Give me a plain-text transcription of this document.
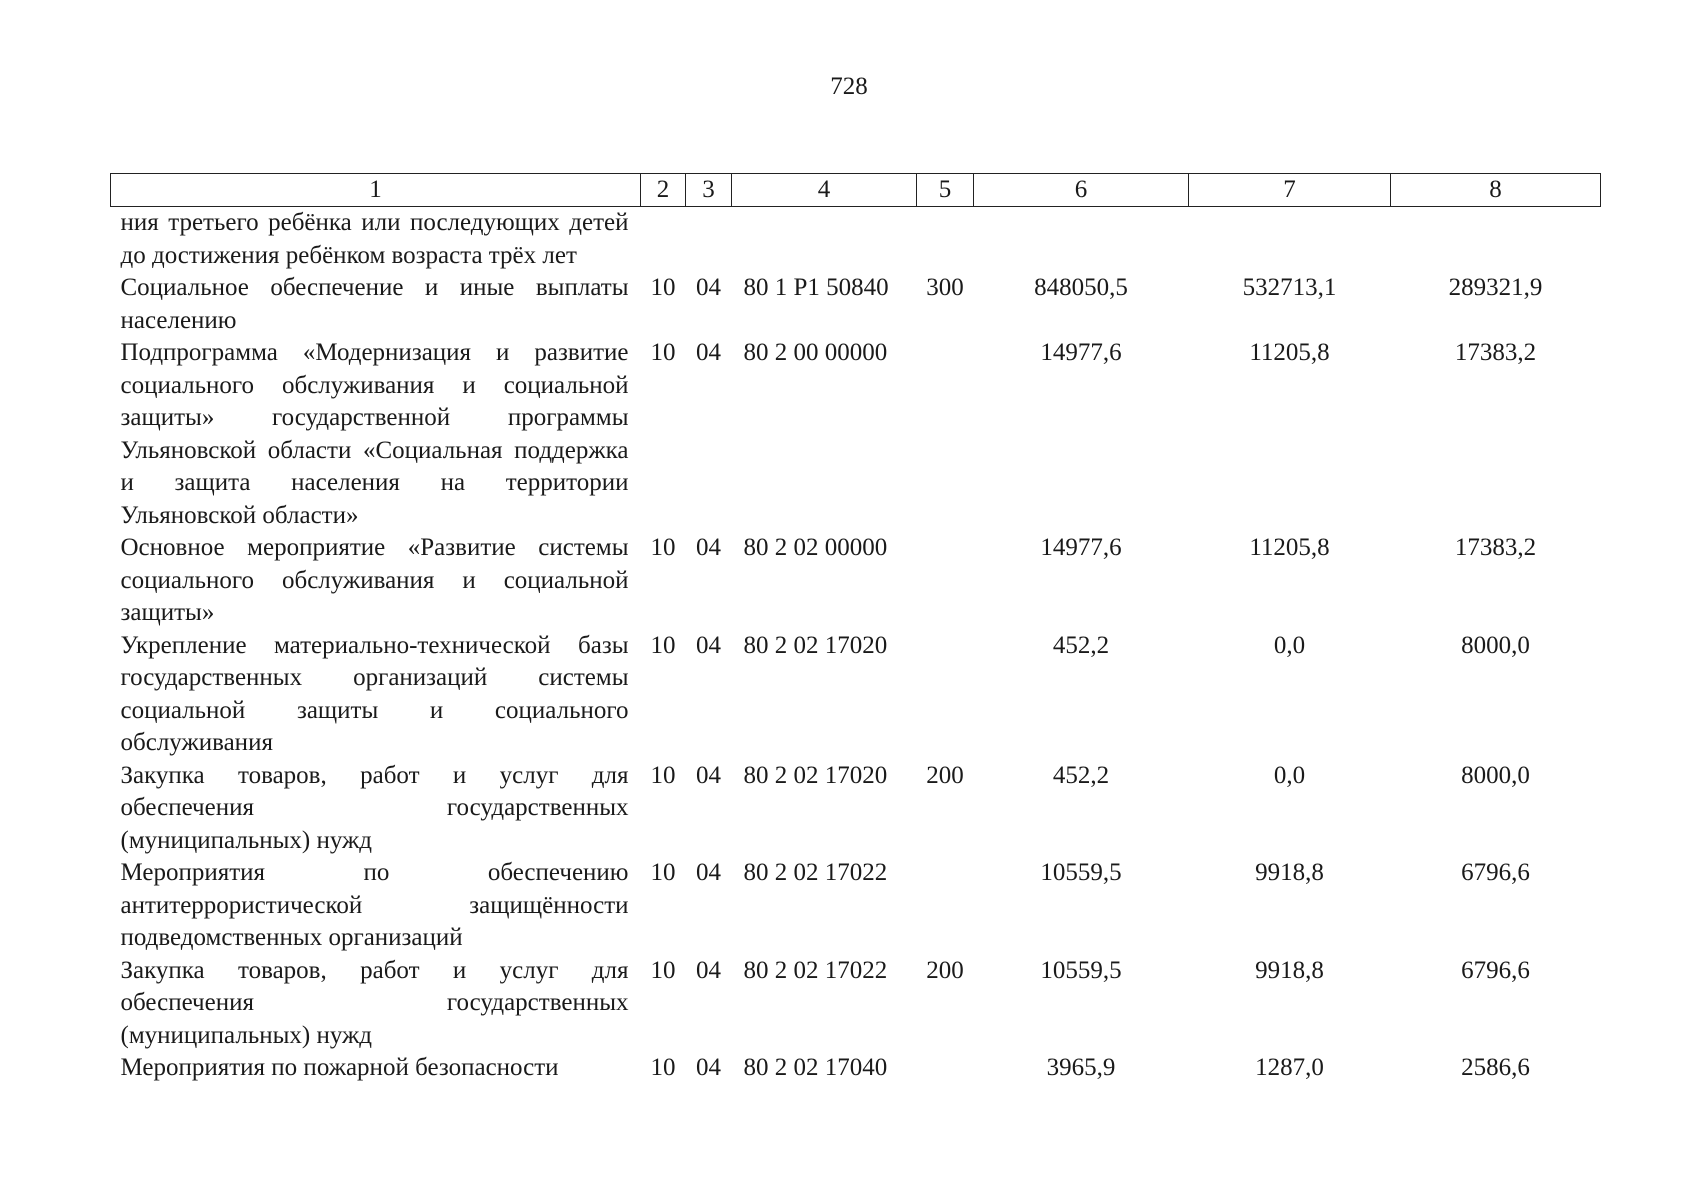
728
1	2	3	4	5	6	7	8
ния третьего ребёнка или последующих детей до достижения ребёнком возраста трёх лет							
Социальное обеспечение и иные выплаты населению	10	04	80 1 Р1 50840	300	848050,5	532713,1	289321,9
Подпрограмма «Модернизация и развитие социального обслуживания и социальной защиты» государственной программы Ульяновской области «Социальная поддержка и защита населения на территории Ульяновской области»	10	04	80 2 00 00000		14977,6	11205,8	17383,2
Основное мероприятие «Развитие системы социального обслуживания и социальной защиты»	10	04	80 2 02 00000		14977,6	11205,8	17383,2
Укрепление материально-технической базы государственных организаций системы социальной защиты и социального обслуживания	10	04	80 2 02 17020		452,2	0,0	8000,0
Закупка товаров, работ и услуг для обеспечения государственных (муниципальных) нужд	10	04	80 2 02 17020	200	452,2	0,0	8000,0
Мероприятия по обеспечению антитеррористической защищённости подведомственных организаций	10	04	80 2 02 17022		10559,5	9918,8	6796,6
Закупка товаров, работ и услуг для обеспечения государственных (муниципальных) нужд	10	04	80 2 02 17022	200	10559,5	9918,8	6796,6
Мероприятия по пожарной безопасности	10	04	80 2 02 17040		3965,9	1287,0	2586,6
